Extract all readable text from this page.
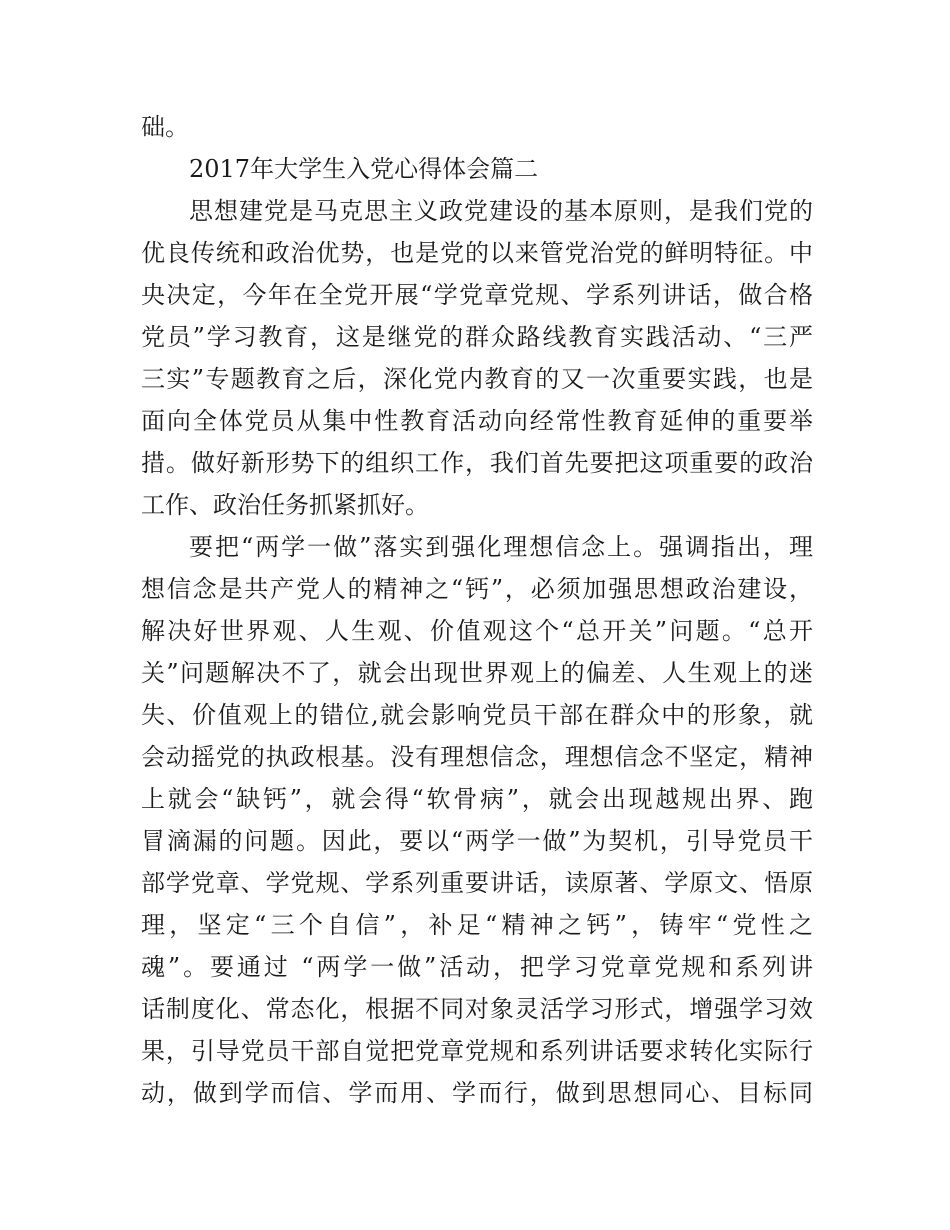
础。
2017年大学生入党心得体会篇二
思想建党是马克思主义政党建设的基本原则，是我们党的
优良传统和政治优势，也是党的以来管党治党的鲜明特征。中
央决定，今年在全党开展“学党章党规、学系列讲话，做合格
党员”学习教育，这是继党的群众路线教育实践活动、“三严
三实”专题教育之后，深化党内教育的又一次重要实践，也是
面向全体党员从集中性教育活动向经常性教育延伸的重要举
措。做好新形势下的组织工作，我们首先要把这项重要的政治
工作、政治任务抓紧抓好。
要把“两学一做”落实到强化理想信念上。强调指出，理
想信念是共产党人的精神之“钙”，必须加强思想政治建设，
解决好世界观、人生观、价值观这个“总开关”问题。“总开
关”问题解决不了，就会出现世界观上的偏差、人生观上的迷
失、价值观上的错位,就会影响党员干部在群众中的形象，就
会动摇党的执政根基。没有理想信念，理想信念不坚定，精神
上就会“缺钙”，就会得“软骨病”，就会出现越规出界、跑
冒滴漏的问题。因此，要以“两学一做”为契机，引导党员干
部学党章、学党规、学系列重要讲话，读原著、学原文、悟原
理，坚定“三个自信”，补足“精神之钙”，铸牢“党性之
魂”。要通过 “两学一做”活动，把学习党章党规和系列讲
话制度化、常态化，根据不同对象灵活学习形式，增强学习效
果，引导党员干部自觉把党章党规和系列讲话要求转化实际行
动，做到学而信、学而用、学而行，做到思想同心、目标同
